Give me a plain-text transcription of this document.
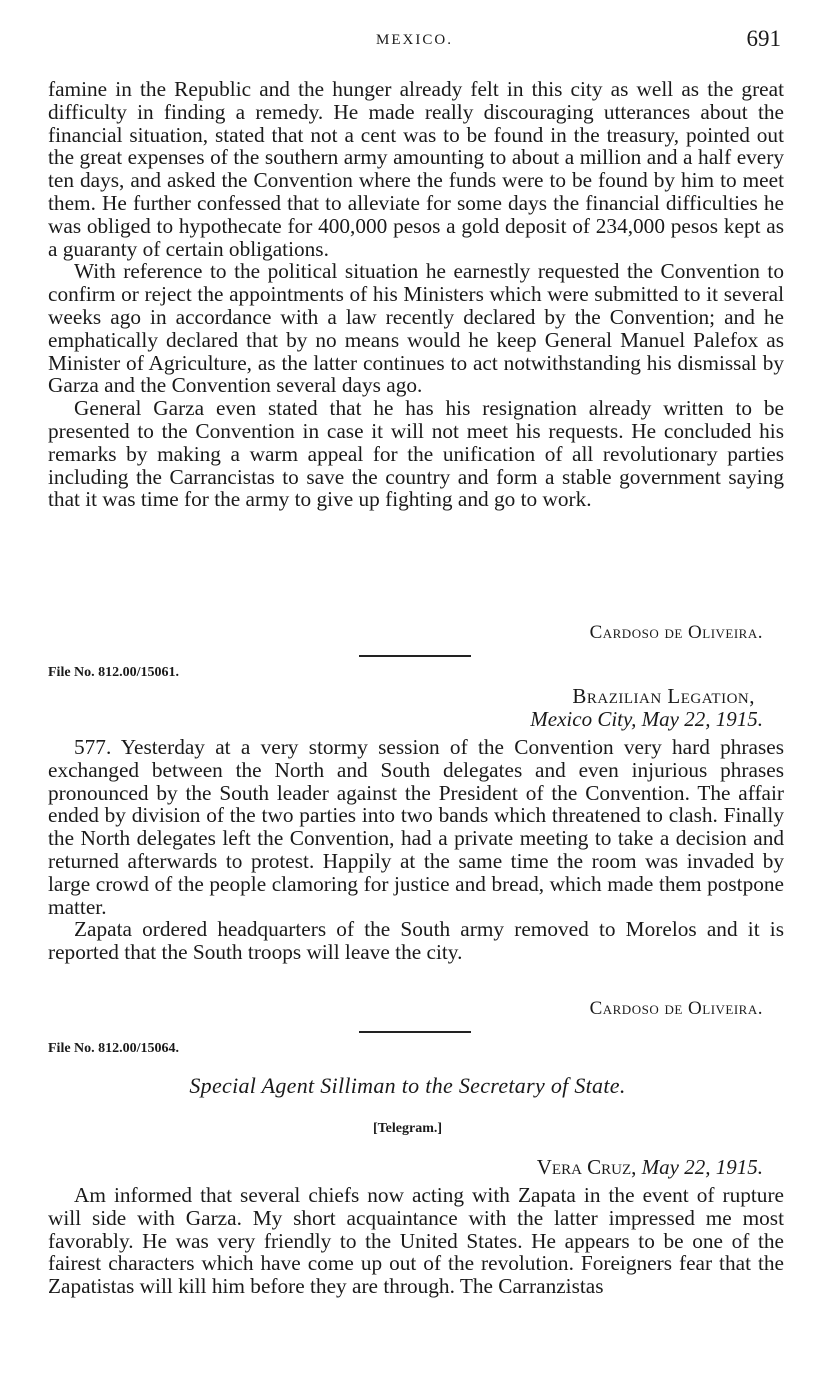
MEXICO.	691

famine in the Republic and the hunger already felt in this city as well as the great difficulty in finding a remedy. He made really discouraging utterances about the financial situation, stated that not a cent was to be found in the treasury, pointed out the great expenses of the southern army amounting to about a million and a half every ten days, and asked the Convention where the funds were to be found by him to meet them. He further confessed that to alleviate for some days the financial difficulties he was obliged to hypothecate for 400,000 pesos a gold deposit of 234,000 pesos kept as a guaranty of certain obligations.

With reference to the political situation he earnestly requested the Convention to confirm or reject the appointments of his Ministers which were submitted to it several weeks ago in accordance with a law recently declared by the Convention; and he emphatically declared that by no means would he keep General Manuel Palefox as Minister of Agriculture, as the latter continues to act notwithstanding his dismissal by Garza and the Convention several days ago.

General Garza even stated that he has his resignation already written to be presented to the Convention in case it will not meet his requests. He concluded his remarks by making a warm appeal for the unification of all revolutionary parties including the Carrancistas to save the country and form a stable government saying that it was time for the army to give up fighting and go to work.

Cardoso de Oliveira.
File No. 812.00/15061.
Brazilian Legation,
Mexico City, May 22, 1915.

577. Yesterday at a very stormy session of the Convention very hard phrases exchanged between the North and South delegates and even injurious phrases pronounced by the South leader against the President of the Convention. The affair ended by division of the two parties into two bands which threatened to clash. Finally the North delegates left the Convention, had a private meeting to take a decision and returned afterwards to protest. Happily at the same time the room was invaded by large crowd of the people clamoring for justice and bread, which made them postpone matter.

Zapata ordered headquarters of the South army removed to Morelos and it is reported that the South troops will leave the city.

Cardoso de Oliveira.
File No. 812.00/15064.
Special Agent Silliman to the Secretary of State.
[Telegram.]
Vera Cruz, May 22, 1915.

Am informed that several chiefs now acting with Zapata in the event of rupture will side with Garza. My short acquaintance with the latter impressed me most favorably. He was very friendly to the United States. He appears to be one of the fairest characters which have come up out of the revolution. Foreigners fear that the Zapatistas will kill him before they are through. The Carranzistas
